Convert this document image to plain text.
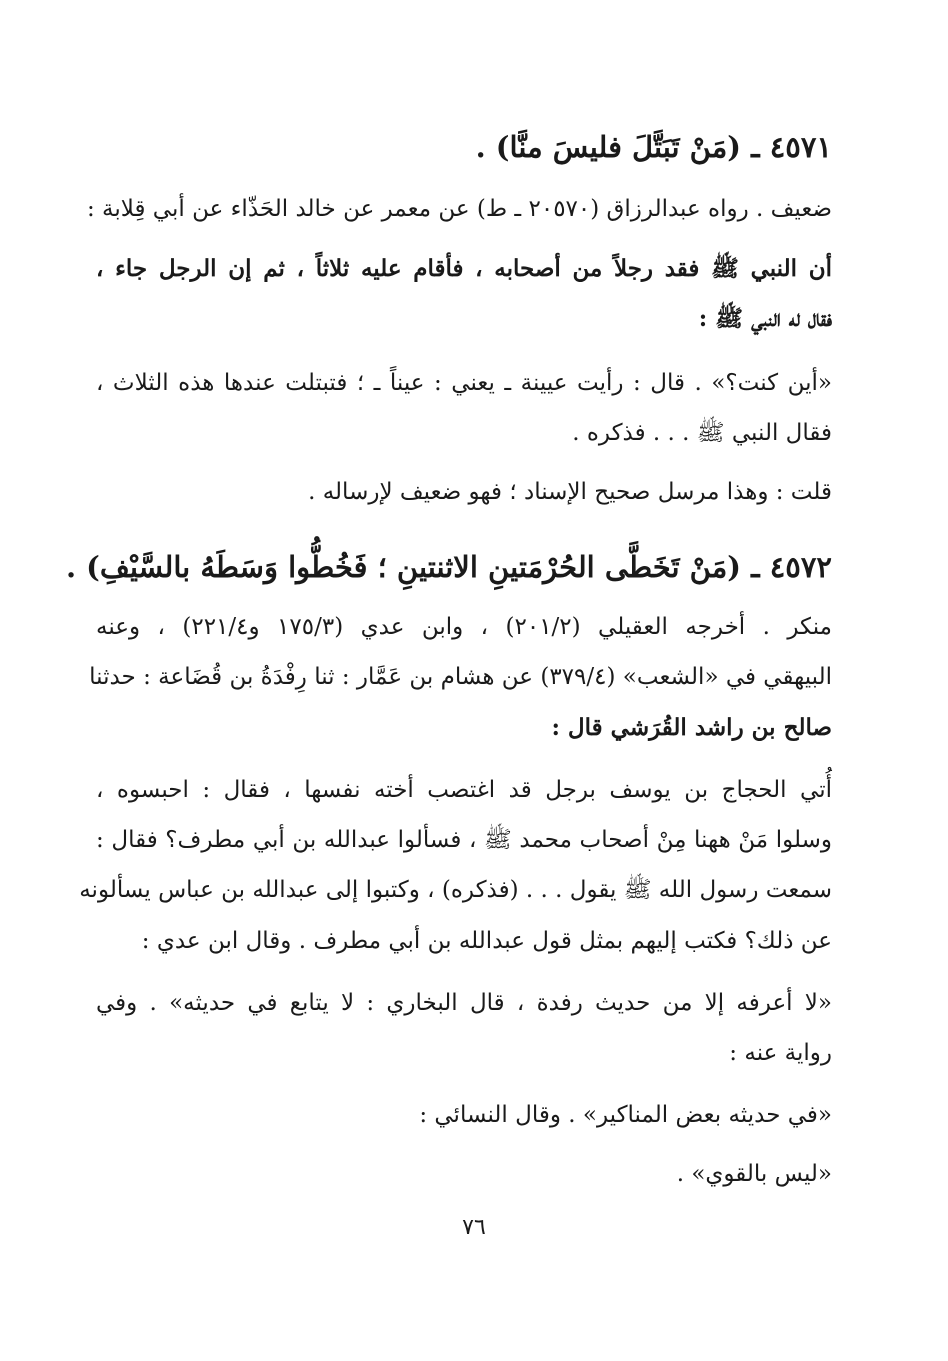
٤٥٧١ ـ (مَنْ تَبَتَّلَ فليسَ منَّا) .
ضعيف . رواه عبدالرزاق (٢٠٥٧٠ ـ ط) عن معمر عن خالد الحَذّاء عن أبي قِلابة :
أن النبي ﷺ فقد رجلاً من أصحابه ، فأقام عليه ثلاثاً ، ثم إن الرجل جاء ،
فقال له النبي ﷺ :
«أين كنت؟» . قال : رأيت عيينة ـ يعني : عيناً ـ ؛ فتبتلت عندها هذه الثلاث ،
فقال النبي ﷺ . . . فذكره .
قلت : وهذا مرسل صحيح الإسناد ؛ فهو ضعيف لإرساله .
٤٥٧٢ ـ (مَنْ تَخَطَّى الحُرْمَتينِ الاثنتينِ ؛ فَخُطُّوا وَسَطَهُ بالسَّيْفِ) .
منكر . أخرجه العقيلي (٢٠١/٢) ، وابن عدي (١٧٥/٣ و٢٢١/٤) ، وعنه
البيهقي في «الشعب» (٣٧٩/٤) عن هشام بن عَمَّار : ثنا رِفْدَةُ بن قُضَاعة : حدثنا
صالح بن راشد القُرَشي قال :
أُتي الحجاج بن يوسف برجل قد اغتصب أخته نفسها ، فقال : احبسوه ،
وسلوا مَنْ ههنا مِنْ أصحاب محمد ﷺ ، فسألوا عبدالله بن أبي مطرف؟ فقال :
سمعت رسول الله ﷺ يقول . . . (فذكره) ، وكتبوا إلى عبدالله بن عباس يسألونه
عن ذلك؟ فكتب إليهم بمثل قول عبدالله بن أبي مطرف . وقال ابن عدي :
«لا أعرفه إلا من حديث رفدة ، قال البخاري : لا يتابع في حديثه» . وفي
رواية عنه :
«في حديثه بعض المناكير» . وقال النسائي :
«ليس بالقوي» .
٧٦
